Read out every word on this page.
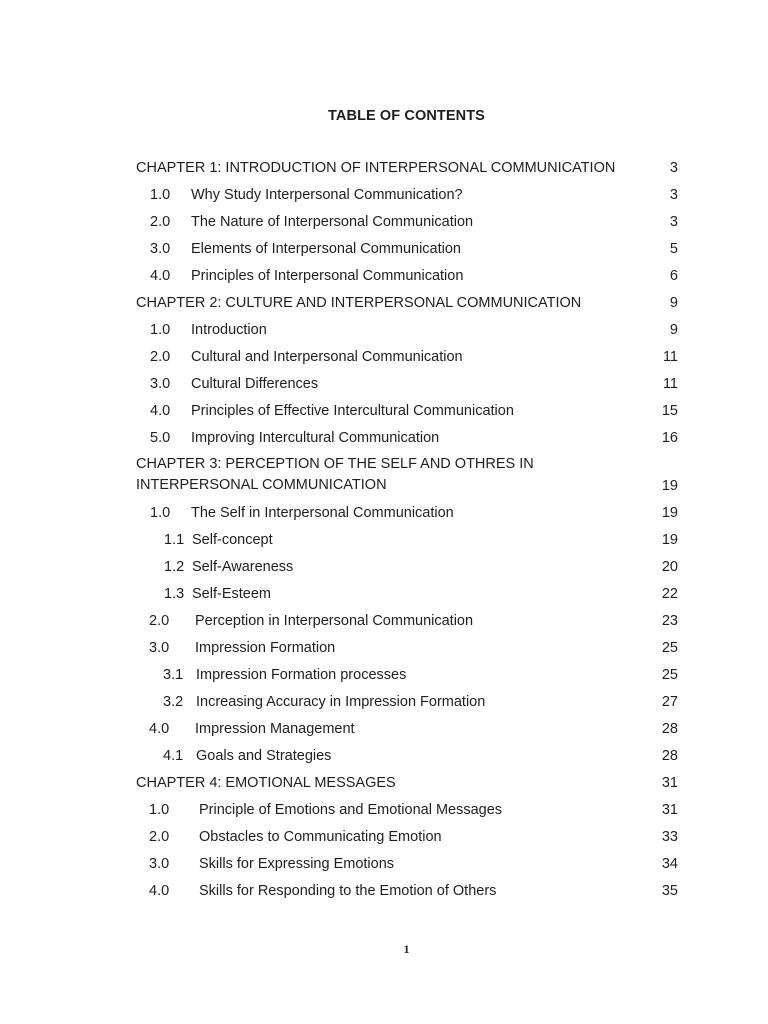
TABLE OF CONTENTS
CHAPTER 1: INTRODUCTION OF INTERPERSONAL COMMUNICATION	3
1.0 Why Study Interpersonal Communication?	3
2.0 The Nature of Interpersonal Communication	3
3.0 Elements of Interpersonal Communication	5
4.0 Principles of Interpersonal Communication	6
CHAPTER 2: CULTURE AND INTERPERSONAL COMMUNICATION	9
1.0 Introduction	9
2.0 Cultural and Interpersonal Communication	11
3.0 Cultural Differences	11
4.0 Principles of Effective Intercultural Communication	15
5.0 Improving Intercultural Communication	16
CHAPTER 3: PERCEPTION OF THE SELF AND OTHRES IN INTERPERSONAL COMMUNICATION	19
1.0 The Self in Interpersonal Communication	19
1.1 Self-concept	19
1.2 Self-Awareness	20
1.3 Self-Esteem	22
2.0 Perception in Interpersonal Communication	23
3.0 Impression Formation	25
3.1 Impression Formation processes	25
3.2 Increasing Accuracy in Impression Formation	27
4.0 Impression Management	28
4.1 Goals and Strategies	28
CHAPTER 4: EMOTIONAL MESSAGES	31
1.0 Principle of Emotions and Emotional Messages	31
2.0 Obstacles to Communicating Emotion	33
3.0 Skills for Expressing Emotions	34
4.0 Skills for Responding to the Emotion of Others	35
1
